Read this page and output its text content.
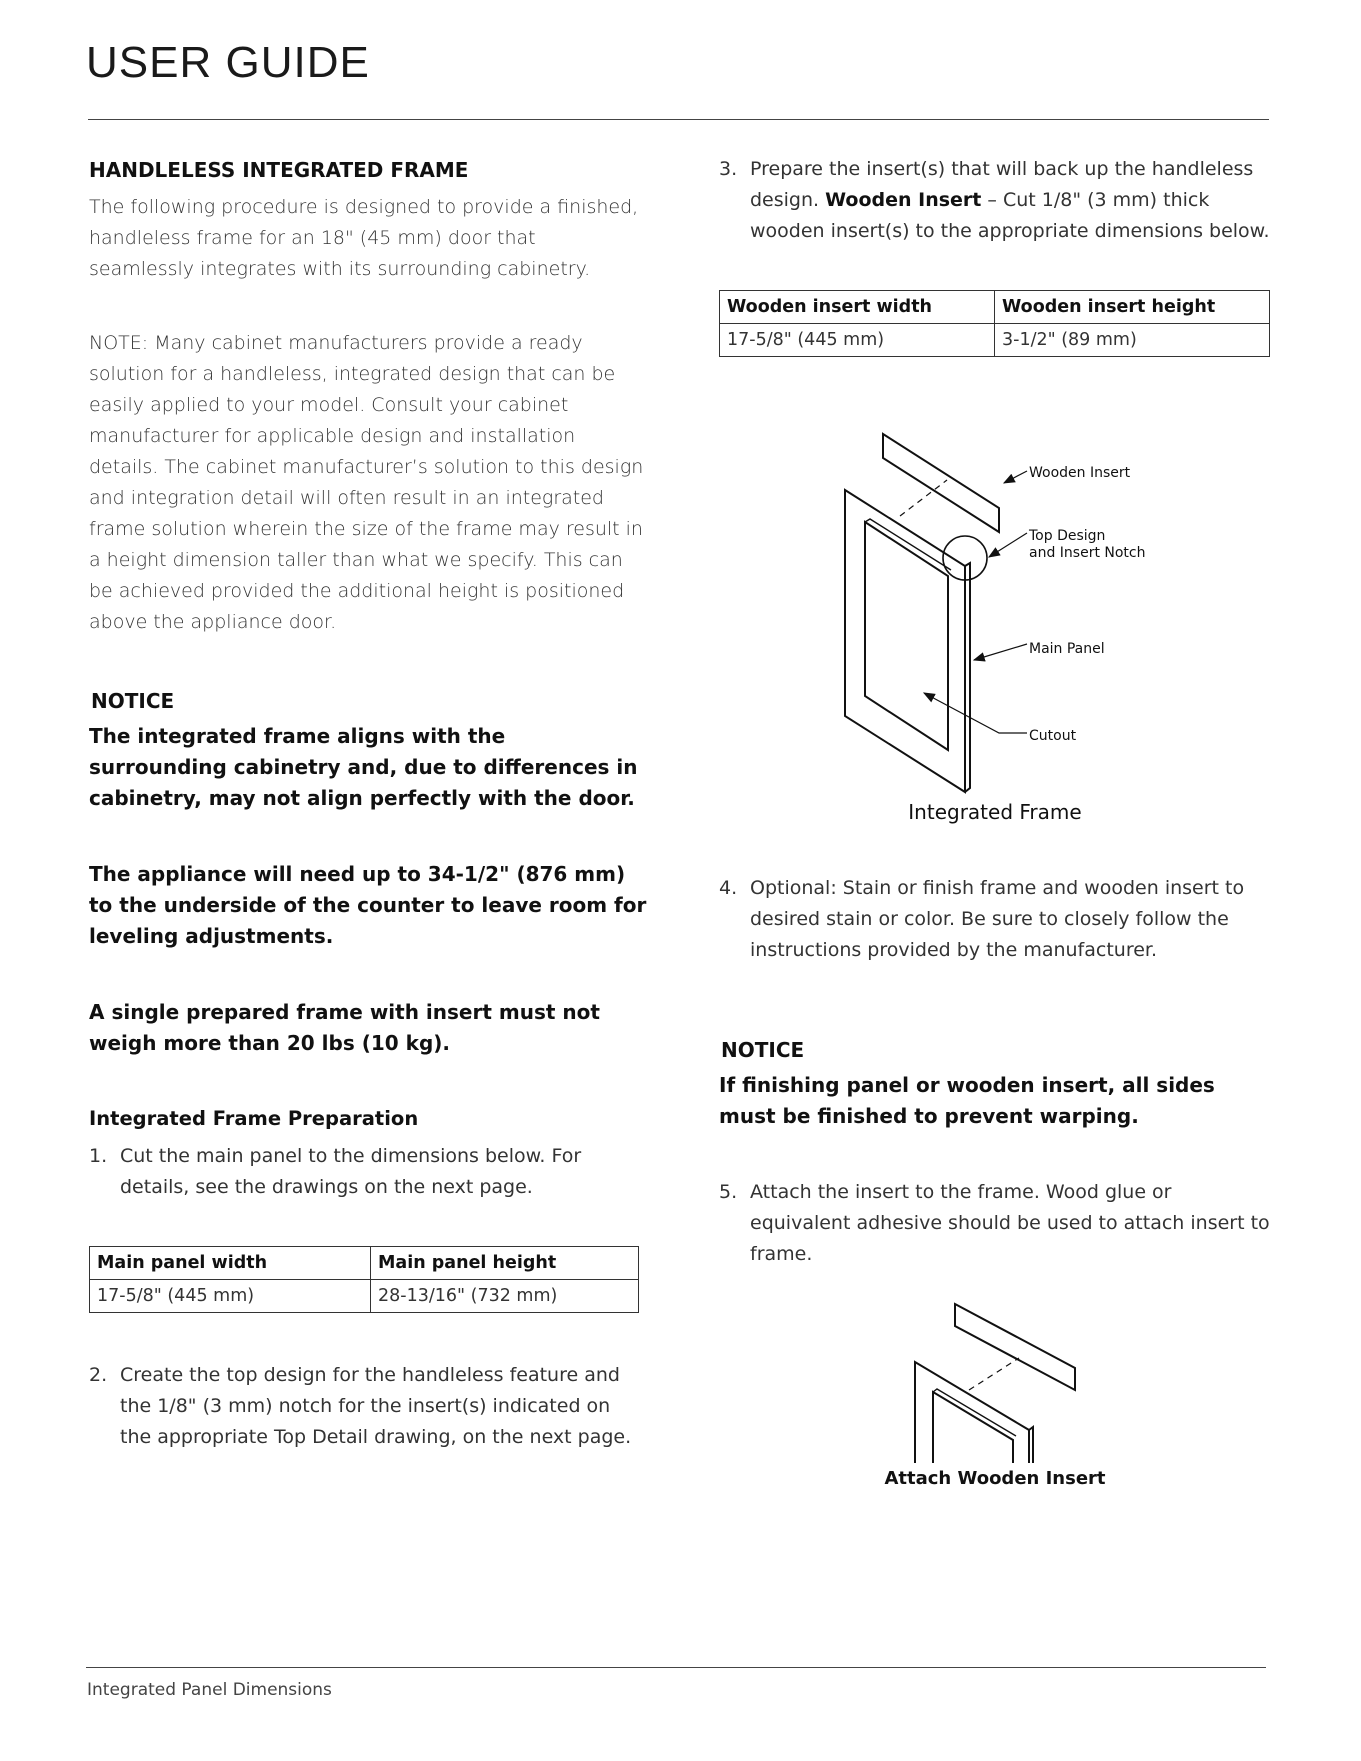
USER GUIDE
HANDLELESS INTEGRATED FRAME

The following procedure is designed to provide a finished, handleless frame for an 18" (45 mm) door that seamlessly integrates with its surrounding cabinetry.

NOTE: Many cabinet manufacturers provide a ready solution for a handleless, integrated design that can be easily applied to your model. Consult your cabinet manufacturer for applicable design and installation details. The cabinet manufacturer’s solution to this design and integration detail will often result in an integrated frame solution wherein the size of the frame may result in a height dimension taller than what we specify. This can be achieved provided the additional height is positioned above the appliance door.

NOTICE

The integrated frame aligns with the surrounding cabinetry and, due to differences in cabinetry, may not align perfectly with the door.

The appliance will need up to 34-1/2" (876 mm) to the underside of the counter to leave room for leveling adjustments.

A single prepared frame with insert must not weigh more than 20 lbs (10 kg).

Integrated Frame Preparation
1. Cut the main panel to the dimensions below. For details, see the drawings on the next page.
Main panel width	Main panel height
17-5/8" (445 mm)	28-13/16" (732 mm)
2. Create the top design for the handleless feature and the 1/8" (3 mm) notch for the insert(s) indicated on the appropriate Top Detail drawing, on the next page.
3. Prepare the insert(s) that will back up the handleless design. Wooden Insert – Cut 1/8" (3 mm) thick wooden insert(s) to the appropriate dimensions below.
Wooden insert width	Wooden insert height
17-5/8" (445 mm)	3-1/2" (89 mm)
Wooden Insert
Top Design
and Insert Notch
Main Panel
Cutout
Integrated Frame
4. Optional: Stain or finish frame and wooden insert to desired stain or color. Be sure to closely follow the instructions provided by the manufacturer.
NOTICE

If finishing panel or wooden insert, all sides must be finished to prevent warping.

5. Attach the insert to the frame. Wood glue or equivalent adhesive should be used to attach insert to frame.
Attach Wooden Insert
Integrated Panel Dimensions
